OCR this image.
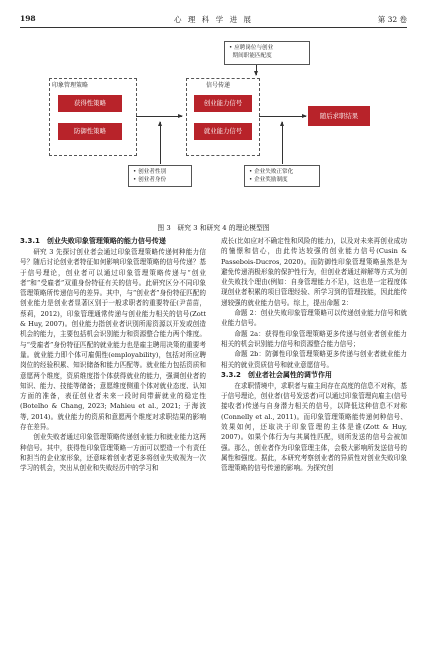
198	心 理 科 学 进 展	第 32 卷
• 应聘岗位与创业
期间职能匹配度
印象管理策略
获得性策略
防御性策略
信号传递
创业能力信号
就业能力信号
随后求职结果
• 创业者性别
• 创业者身份
• 企业失败正常化
• 企业奖励制度
图 3　研究 3 和研究 4 的理论模型图
3.3.1　创业失败印象管理策略的能力信号传递

研究 3 先探讨创业者会通过印象管理策略传递何种能力信号？随后讨论创业者特征如何影响印象管理策略的信号传递？基于信号理论，创业者可以通过印象管理策略传递与“创业者”和“受雇者”双重身份特征有关的信号。此研究区分不同印象管理策略所传递信号的差异。其中，与“创业者”身份特征匹配的创业能力是创业者显著区别于一般求职者的重要特征(尹苗苗，蔡莉，2012)，印象管理通常传递与创业能力相关的信号(Zott & Huy, 2007)。创业能力指创业者识别所需资源以开发或创造机会的能力，主要包括机会识别能力和资源整合能力两个维度。与“受雇者”身份特征匹配的就业能力也是雇主聘用决策的重要考量。就业能力即个体可雇佣性(employability)，包括对所应聘岗位的经验积累、知识储备和能力匹配等。就业能力包括资质和意愿两个维度，资质维度指个体获得就业的能力，强调创业者的知识、能力、技能等储备；意愿维度侧重个体对就业态度、认知方面的准备，表征创业者未来一段时间带薪就业的稳定性(Botelho & Chang, 2023; Mahieu et al., 2021; 于海波　等, 2014)。就业能力的资质和意愿两个维度对求职结果的影响存在差异。

创业失败者通过印象管理策略传递创业能力和就业能力这两种信号。其中，获得性印象管理策略一方面可以塑造一个有责任和担当的企业家形象，还意味着创业者更多将创业失败视为一次学习的机会，突出从创业和失败经历中的学习和

成长(比如应对不确定性和风险的能力)，以及对未来再创业成功的憧憬和信心，由此传达较强的创业能力信号(Cusin & Passebois‐Ducros, 2020)。而防御性印象管理策略虽然是为避免传递消极形象的保护性行为，但创业者通过辩解等方式为创业失败找个理由(例如：自身管理能力不足)，这也是一定程度体现创业者积累的项目管理经验、所学习到的管理技能，因此能传递较强的就业能力信号。综上，提出命题 2：

命题 2：创业失败印象管理策略可以传递创业能力信号和就业能力信号。

命题 2a：获得性印象管理策略更多传递与创业者创业能力相关的机会识别能力信号和资源整合能力信号；

命题 2b：防御性印象管理策略更多传递与创业者就业能力相关的就业资质信号和就业意愿信号。

3.3.2　创业者社会属性的调节作用

在求职情境中，求职者与雇主间存在高度的信息不对称，基于信号理论，创业者(信号发送者)可以通过印象管理向雇主(信号接收者)传递与自身潜力相关的信号，以降低这种信息不对称(Connelly et al., 2011)。而印象管理策略能传递何种信号、效果如何，还取决于印象管理的主体是谁(Zott & Huy, 2007)。如果个体行为与其属性匹配，则所发送的信号会被加强。那么，创业者作为印象管理主体，会极大影响所发送信号的属性和强度。据此，本研究考察创业者的异质性对创业失败印象管理策略的信号传递的影响。为探究创
